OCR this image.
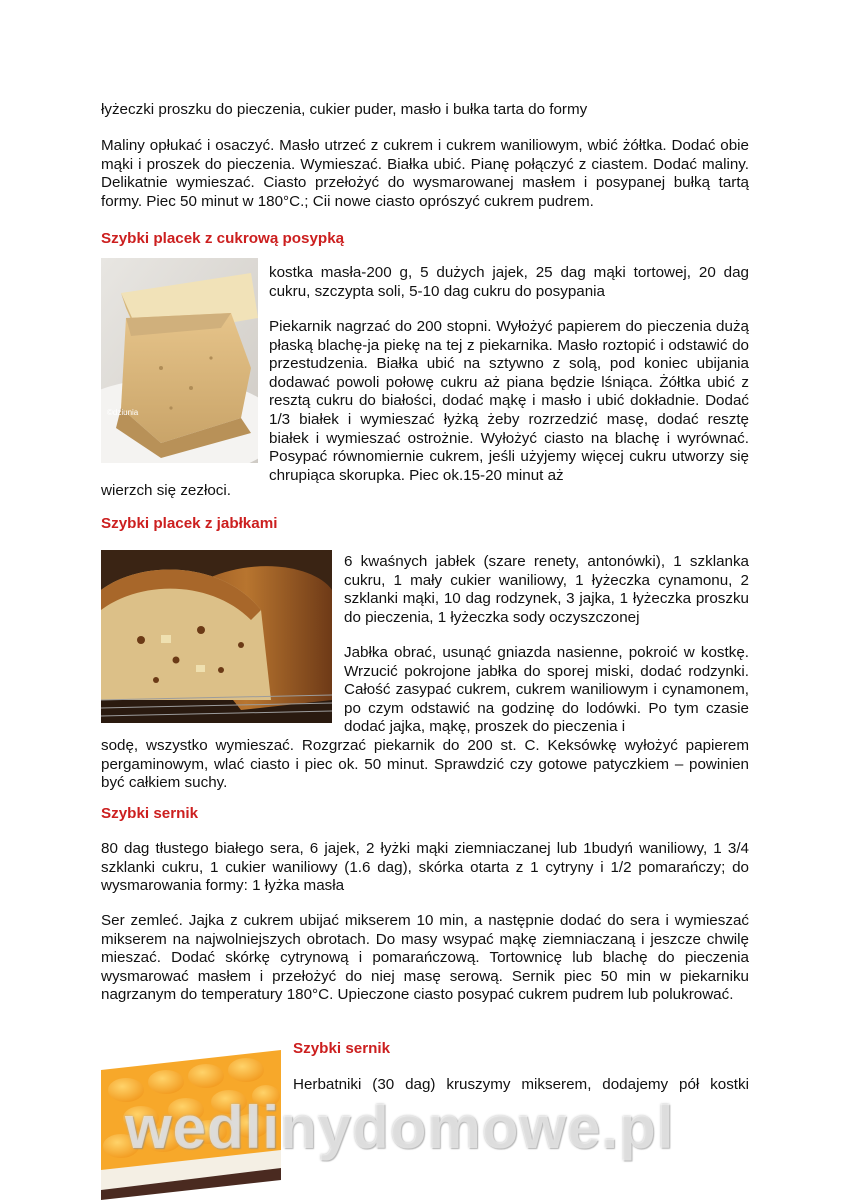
łyżeczki proszku do pieczenia, cukier puder, masło i bułka tarta do formy

Maliny opłukać i osaczyć. Masło utrzeć z cukrem i cukrem waniliowym, wbić żółtka. Dodać obie mąki i proszek do pieczenia. Wymieszać. Białka ubić. Pianę połączyć z ciastem. Dodać maliny. Delikatnie wymieszać. Ciasto przełożyć do wysmarowanej masłem i posypanej bułką tartą formy. Piec 50 minut w 180°C.; Cii nowe ciasto oprószyć cukrem pudrem.

Szybki placek z cukrową posypką
©dziunia

kostka masła-200 g, 5 dużych jajek, 25 dag mąki tortowej, 20 dag cukru, szczypta soli, 5-10 dag cukru do posypania

Piekarnik nagrzać do 200 stopni. Wyłożyć papierem do pieczenia dużą płaską blachę-ja piekę na tej z piekarnika. Masło roztopić i odstawić do przestudzenia. Białka ubić na sztywno z solą, pod koniec ubijania dodawać powoli połowę cukru aż piana będzie lśniąca. Żółtka ubić z resztą cukru do białości, dodać mąkę i masło i ubić dokładnie. Dodać 1/3 białek i wymieszać łyżką żeby rozrzedzić masę, dodać resztę białek i wymieszać ostrożnie. Wyłożyć ciasto na blachę i wyrównać. Posypać równomiernie cukrem, jeśli użyjemy więcej cukru utworzy się chrupiąca skorupka. Piec ok.15-20 minut aż

wierzch się zezłoci.

Szybki placek z jabłkami

6 kwaśnych jabłek (szare renety, antonówki), 1 szklanka cukru, 1 mały cukier waniliowy, 1 łyżeczka cynamonu, 2 szklanki mąki, 10 dag rodzynek, 3 jajka, 1 łyżeczka proszku do pieczenia, 1 łyżeczka sody oczyszczonej

Jabłka obrać, usunąć gniazda nasienne, pokroić w kostkę. Wrzucić pokrojone jabłka do sporej miski, dodać rodzynki. Całość zasypać cukrem, cukrem waniliowym i cynamonem, po czym odstawić na godzinę do lodówki. Po tym czasie dodać jajka, mąkę, proszek do pieczenia i

sodę, wszystko wymieszać. Rozgrzać piekarnik do 200 st. C. Keksówkę wyłożyć papierem pergaminowym, wlać ciasto i piec ok. 50 minut. Sprawdzić czy gotowe patyczkiem – powinien być całkiem suchy.

Szybki sernik

80 dag tłustego białego sera, 6 jajek, 2 łyżki mąki ziemniaczanej lub 1budyń waniliowy, 1 3/4 szklanki cukru, 1 cukier waniliowy (1.6 dag), skórka otarta z 1 cytryny i 1/2 pomarańczy; do wysmarowania formy: 1 łyżka masła

Ser zemleć. Jajka z cukrem ubijać mikserem 10 min, a następnie dodać do sera i wymieszać mikserem na najwolniejszych obrotach. Do masy wsypać mąkę ziemniaczaną i jeszcze chwilę mieszać. Dodać skórkę cytrynową i pomarańczową. Tortownicę lub blachę do pieczenia wysmarować masłem i przełożyć do niej masę serową. Sernik piec 50 min w piekarniku nagrzanym do temperatury 180°C. Upieczone ciasto posypać cukrem pudrem lub polukrować.

Szybki sernik

Herbatniki (30 dag) kruszymy mikserem, dodajemy pół kostki

wedlinydomowe.pl
